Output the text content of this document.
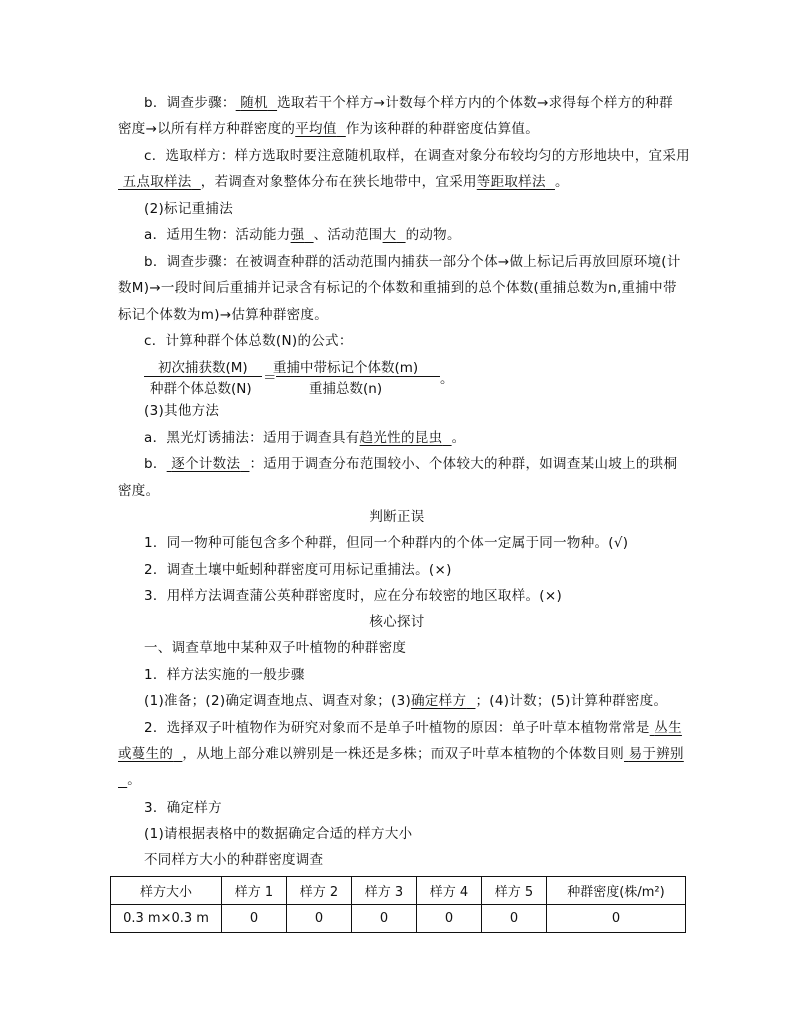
b．调查步骤： 随机 选取若干个样方→计数每个样方内的个体数→求得每个样方的种群
密度→以所有样方种群密度的平均值 作为该种群的种群密度估算值。
c．选取样方：样方选取时要注意随机取样，在调查对象分布较均匀的方形地块中，宜采用
五点取样法 ，若调查对象整体分布在狭长地带中，宜采用等距取样法 。
(2)标记重捕法
a．适用生物：活动能力强 、活动范围大 的动物。
b．调查步骤：在被调查种群的活动范围内捕获一部分个体→做上标记后再放回原环境(计
数M)→一段时间后重捕并记录含有标记的个体数和重捕到的总个体数(重捕总数为n,重捕中带
标记个体数为m)→估算种群密度。
c．计算种群个体总数(N)的公式：
初次捕获数(M)
种群个体总数(N)
＝
重捕中带标记个体数(m)
重捕总数(n)
。
(3)其他方法
a．黑光灯诱捕法：适用于调查具有趋光性的昆虫 。
b． 逐个计数法 ：适用于调查分布范围较小、个体较大的种群，如调查某山坡上的珙桐
密度。
判断正误
1．同一物种可能包含多个种群，但同一个种群内的个体一定属于同一物种。(√)
2．调查土壤中蚯蚓种群密度可用标记重捕法。(×)
3．用样方法调查蒲公英种群密度时，应在分布较密的地区取样。(×)
核心探讨
一、调查草地中某种双子叶植物的种群密度
1．样方法实施的一般步骤
(1)准备；(2)确定调查地点、调查对象；(3)确定样方 ；(4)计数；(5)计算种群密度。
2．选择双子叶植物作为研究对象而不是单子叶植物的原因：单子叶草本植物常常是 丛生
或蔓生的 ，从地上部分难以辨别是一株还是多株；而双子叶草本植物的个体数目则 易于辨别
。
3．确定样方
(1)请根据表格中的数据确定合适的样方大小
不同样方大小的种群密度调查
样方大小	样方 1	样方 2	样方 3	样方 4	样方 5	种群密度(株/m²)
0.3 m×0.3 m	0	0	0	0	0	0
